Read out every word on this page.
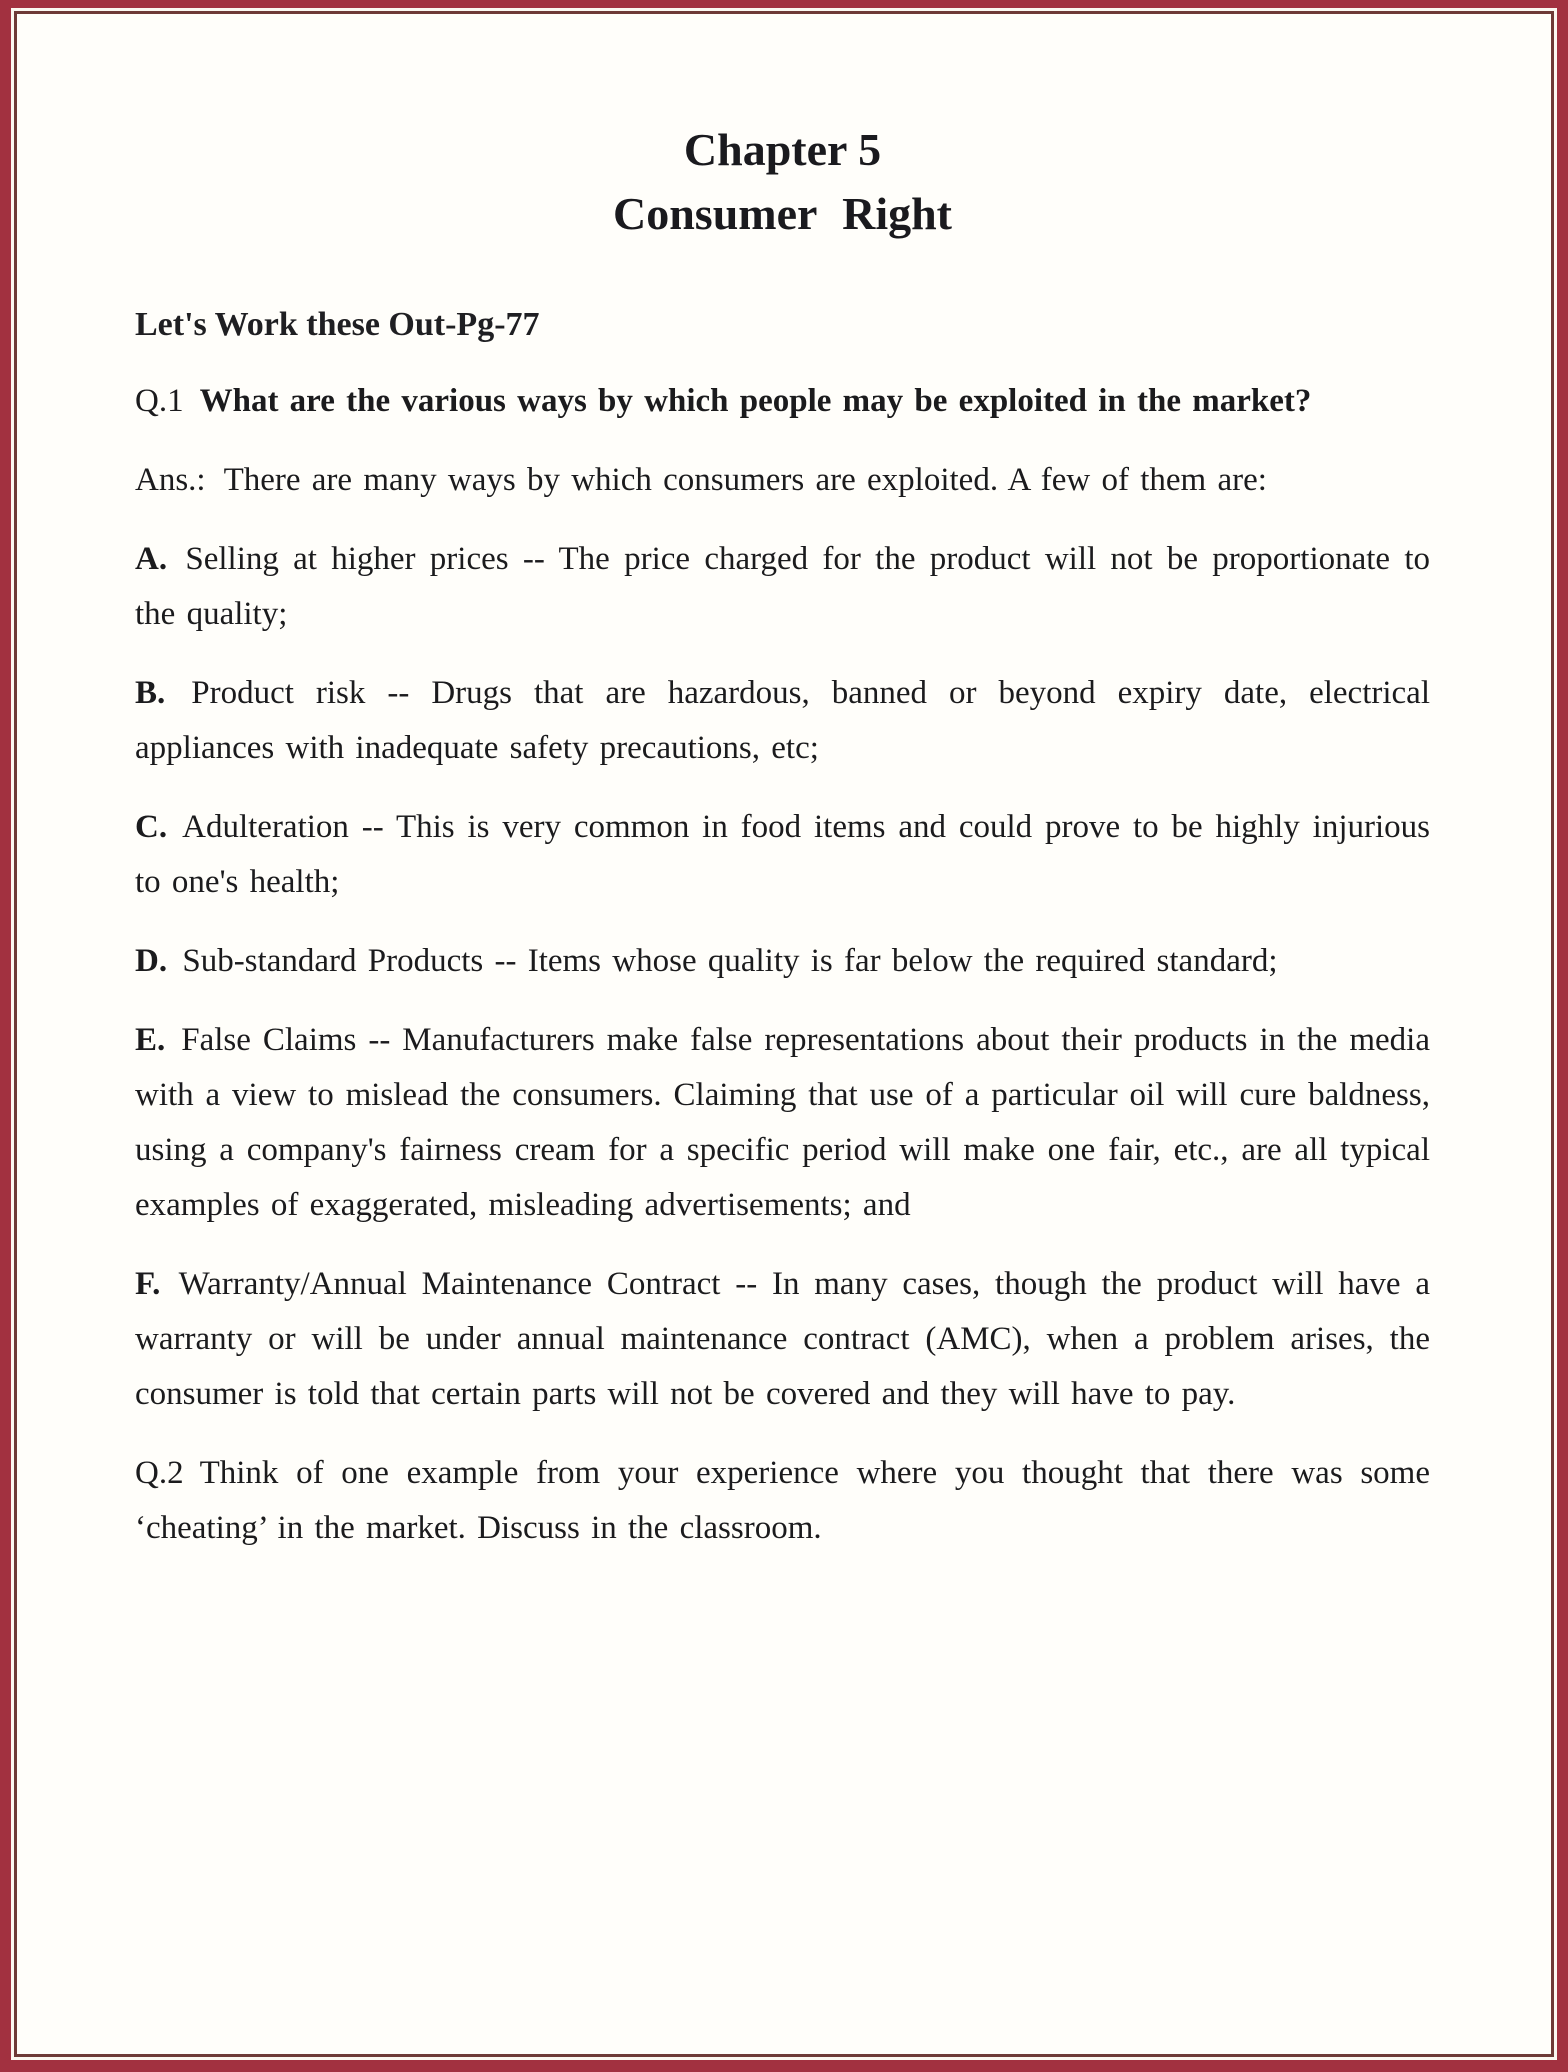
Chapter 5
Consumer Right
Let's Work these Out-Pg-77

Q.1 What are the various ways by which people may be exploited in the market?

Ans.: There are many ways by which consumers are exploited. A few of them are:

A. Selling at higher prices -- The price charged for the product will not be proportionate to the quality;

B. Product risk -- Drugs that are hazardous, banned or beyond expiry date, electrical appliances with inadequate safety precautions, etc;

C. Adulteration -- This is very common in food items and could prove to be highly injurious to one's health;

D. Sub-standard Products -- Items whose quality is far below the required standard;

E. False Claims -- Manufacturers make false representations about their products in the media with a view to mislead the consumers. Claiming that use of a particular oil will cure baldness, using a company's fairness cream for a specific period will make one fair, etc., are all typical examples of exaggerated, misleading advertisements; and

F. Warranty/Annual Maintenance Contract -- In many cases, though the product will have a warranty or will be under annual maintenance contract (AMC), when a problem arises, the consumer is told that certain parts will not be covered and they will have to pay.

Q.2 Think of one example from your experience where you thought that there was some ‘cheating’ in the market. Discuss in the classroom.
